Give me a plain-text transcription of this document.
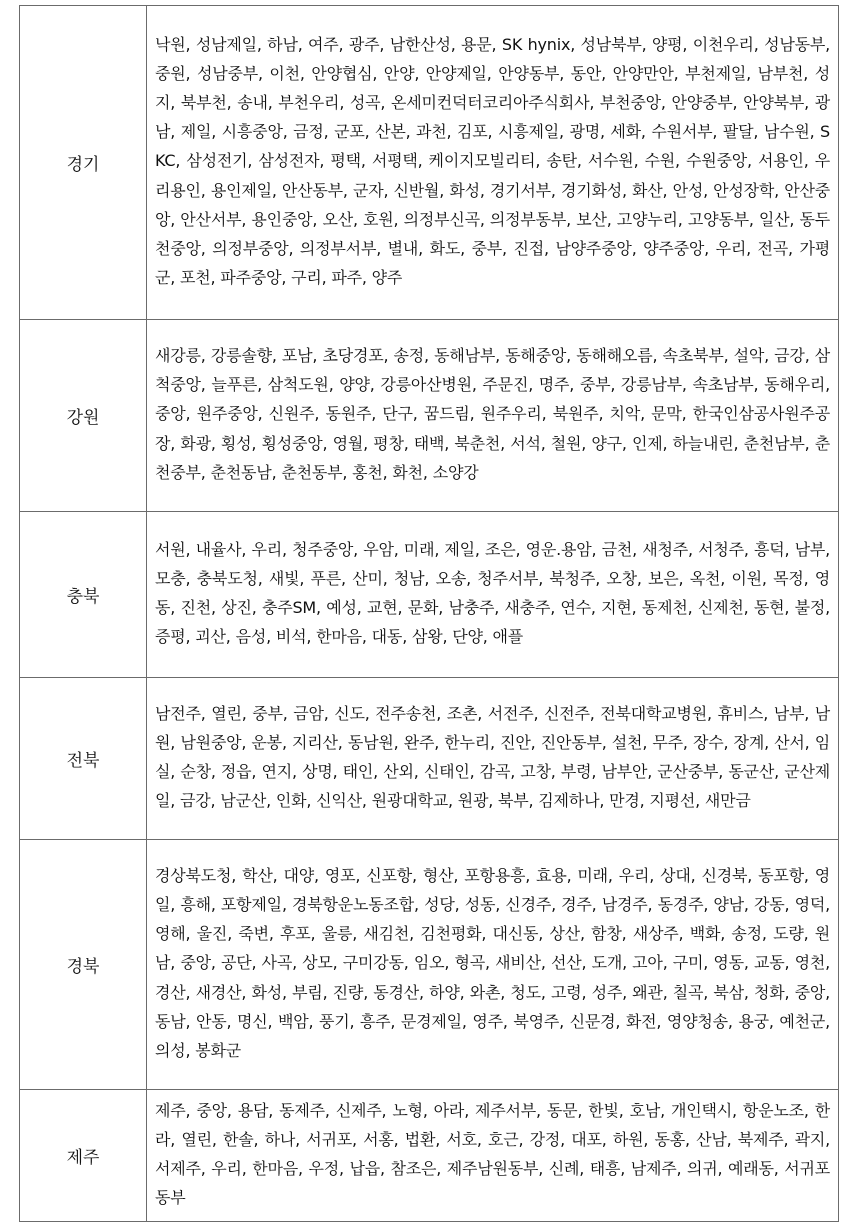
경기	낙원, 성남제일, 하남, 여주, 광주, 남한산성, 용문, SK hynix, 성남북부, 양평, 이천우리, 성남동부, 중원, 성남중부, 이천, 안양협심, 안양, 안양제일, 안양동부, 동안, 안양만안, 부천제일, 남부천, 성지, 북부천, 송내, 부천우리, 성곡, 온세미컨덕터코리아주식회사, 부천중앙, 안양중부, 안양북부, 광남, 제일, 시흥중앙, 금정, 군포, 산본, 과천, 김포, 시흥제일, 광명, 세화, 수원서부, 팔달, 남수원, SKC, 삼성전기, 삼성전자, 평택, 서평택, 케이지모빌리티, 송탄, 서수원, 수원, 수원중앙, 서용인, 우리용인, 용인제일, 안산동부, 군자, 신반월, 화성, 경기서부, 경기화성, 화산, 안성, 안성장학, 안산중앙, 안산서부, 용인중앙, 오산, 호원, 의정부신곡, 의정부동부, 보산, 고양누리, 고양동부, 일산, 동두천중앙, 의정부중앙, 의정부서부, 별내, 화도, 중부, 진접, 남양주중앙, 양주중앙, 우리, 전곡, 가평군, 포천, 파주중앙, 구리, 파주, 양주
강원	새강릉, 강릉솔향, 포남, 초당경포, 송정, 동해남부, 동해중앙, 동해해오름, 속초북부, 설악, 금강, 삼척중앙, 늘푸른, 삼척도원, 양양, 강릉아산병원, 주문진, 명주, 중부, 강릉남부, 속초남부, 동해우리, 중앙, 원주중앙, 신원주, 동원주, 단구, 꿈드림, 원주우리, 북원주, 치악, 문막, 한국인삼공사원주공장, 화광, 횡성, 횡성중앙, 영월, 평창, 태백, 북춘천, 서석, 철원, 양구, 인제, 하늘내린, 춘천남부, 춘천중부, 춘천동남, 춘천동부, 홍천, 화천, 소양강
충북	서원, 내율사, 우리, 청주중앙, 우암, 미래, 제일, 조은, 영운.용암, 금천, 새청주, 서청주, 흥덕, 남부, 모충, 충북도청, 새빛, 푸른, 산미, 청남, 오송, 청주서부, 북청주, 오창, 보은, 옥천, 이원, 목정, 영동, 진천, 상진, 충주SM, 예성, 교현, 문화, 남충주, 새충주, 연수, 지현, 동제천, 신제천, 동현, 불정, 증평, 괴산, 음성, 비석, 한마음, 대동, 삼왕, 단양, 애플
전북	남전주, 열린, 중부, 금암, 신도, 전주송천, 조촌, 서전주, 신전주, 전북대학교병원, 휴비스, 남부, 남원, 남원중앙, 운봉, 지리산, 동남원, 완주, 한누리, 진안, 진안동부, 설천, 무주, 장수, 장계, 산서, 임실, 순창, 정읍, 연지, 상명, 태인, 산외, 신태인, 감곡, 고창, 부령, 남부안, 군산중부, 동군산, 군산제일, 금강, 남군산, 인화, 신익산, 원광대학교, 원광, 북부, 김제하나, 만경, 지평선, 새만금
경북	경상북도청, 학산, 대양, 영포, 신포항, 형산, 포항용흥, 효용, 미래, 우리, 상대, 신경북, 동포항, 영일, 흥해, 포항제일, 경북항운노동조합, 성당, 성동, 신경주, 경주, 남경주, 동경주, 양남, 강동, 영덕, 영해, 울진, 죽변, 후포, 울릉, 새김천, 김천평화, 대신동, 상산, 함창, 새상주, 백화, 송정, 도량, 원남, 중앙, 공단, 사곡, 상모, 구미강동, 임오, 형곡, 새비산, 선산, 도개, 고아, 구미, 영동, 교동, 영천, 경산, 새경산, 화성, 부림, 진량, 동경산, 하양, 와촌, 청도, 고령, 성주, 왜관, 칠곡, 북삼, 청화, 중앙, 동남, 안동, 명신, 백암, 풍기, 흥주, 문경제일, 영주, 북영주, 신문경, 화전, 영양청송, 용궁, 예천군, 의성, 봉화군
제주	제주, 중앙, 용담, 동제주, 신제주, 노형, 아라, 제주서부, 동문, 한빛, 호남, 개인택시, 항운노조, 한라, 열린, 한솔, 하나, 서귀포, 서홍, 법환, 서호, 호근, 강정, 대포, 하원, 동홍, 산남, 북제주, 곽지, 서제주, 우리, 한마음, 우정, 납읍, 참조은, 제주남원동부, 신례, 태흥, 남제주, 의귀, 예래동, 서귀포동부
